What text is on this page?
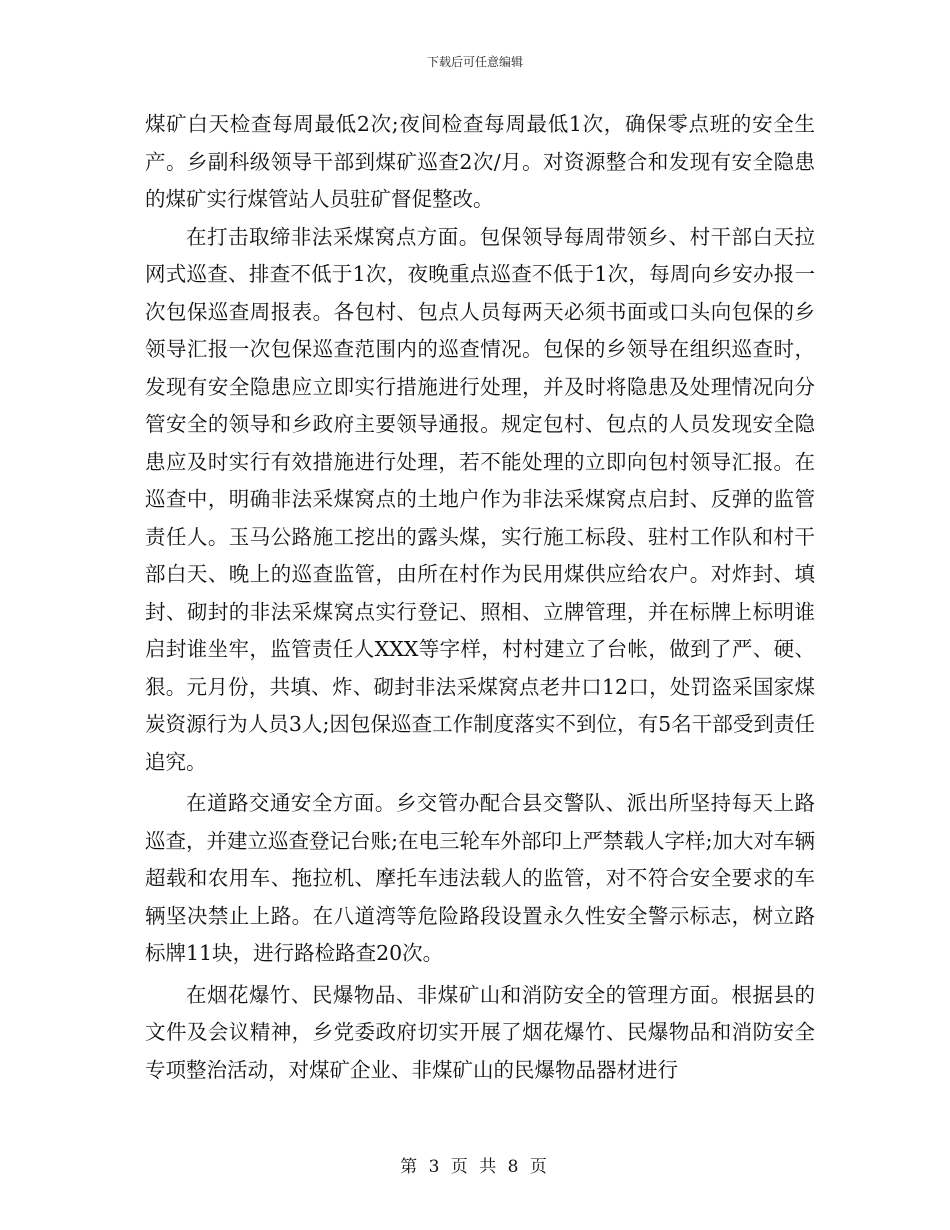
下载后可任意编辑

煤矿白天检查每周最低2次;夜间检查每周最低1次，确保零点班的安全生产。乡副科级领导干部到煤矿巡查2次/月。对资源整合和发现有安全隐患的煤矿实行煤管站人员驻矿督促整改。

在打击取缔非法采煤窝点方面。包保领导每周带领乡、村干部白天拉网式巡查、排查不低于1次，夜晚重点巡查不低于1次，每周向乡安办报一次包保巡查周报表。各包村、包点人员每两天必须书面或口头向包保的乡领导汇报一次包保巡查范围内的巡查情况。包保的乡领导在组织巡查时，发现有安全隐患应立即实行措施进行处理，并及时将隐患及处理情况向分管安全的领导和乡政府主要领导通报。规定包村、包点的人员发现安全隐患应及时实行有效措施进行处理，若不能处理的立即向包村领导汇报。在巡查中，明确非法采煤窝点的土地户作为非法采煤窝点启封、反弹的监管责任人。玉马公路施工挖出的露头煤，实行施工标段、驻村工作队和村干部白天、晚上的巡查监管，由所在村作为民用煤供应给农户。对炸封、填封、砌封的非法采煤窝点实行登记、照相、立牌管理，并在标牌上标明谁启封谁坐牢，监管责任人XXX等字样，村村建立了台帐，做到了严、硬、狠。元月份，共填、炸、砌封非法采煤窝点老井口12口，处罚盗采国家煤炭资源行为人员3人;因包保巡查工作制度落实不到位，有5名干部受到责任追究。

在道路交通安全方面。乡交管办配合县交警队、派出所坚持每天上路巡查，并建立巡查登记台账;在电三轮车外部印上严禁载人字样;加大对车辆超载和农用车、拖拉机、摩托车违法载人的监管，对不符合安全要求的车辆坚决禁止上路。在八道湾等危险路段设置永久性安全警示标志，树立路标牌11块，进行路检路查20次。

在烟花爆竹、民爆物品、非煤矿山和消防安全的管理方面。根据县的文件及会议精神，乡党委政府切实开展了烟花爆竹、民爆物品和消防安全专项整治活动，对煤矿企业、非煤矿山的民爆物品器材进行

第 3 页 共 8 页
